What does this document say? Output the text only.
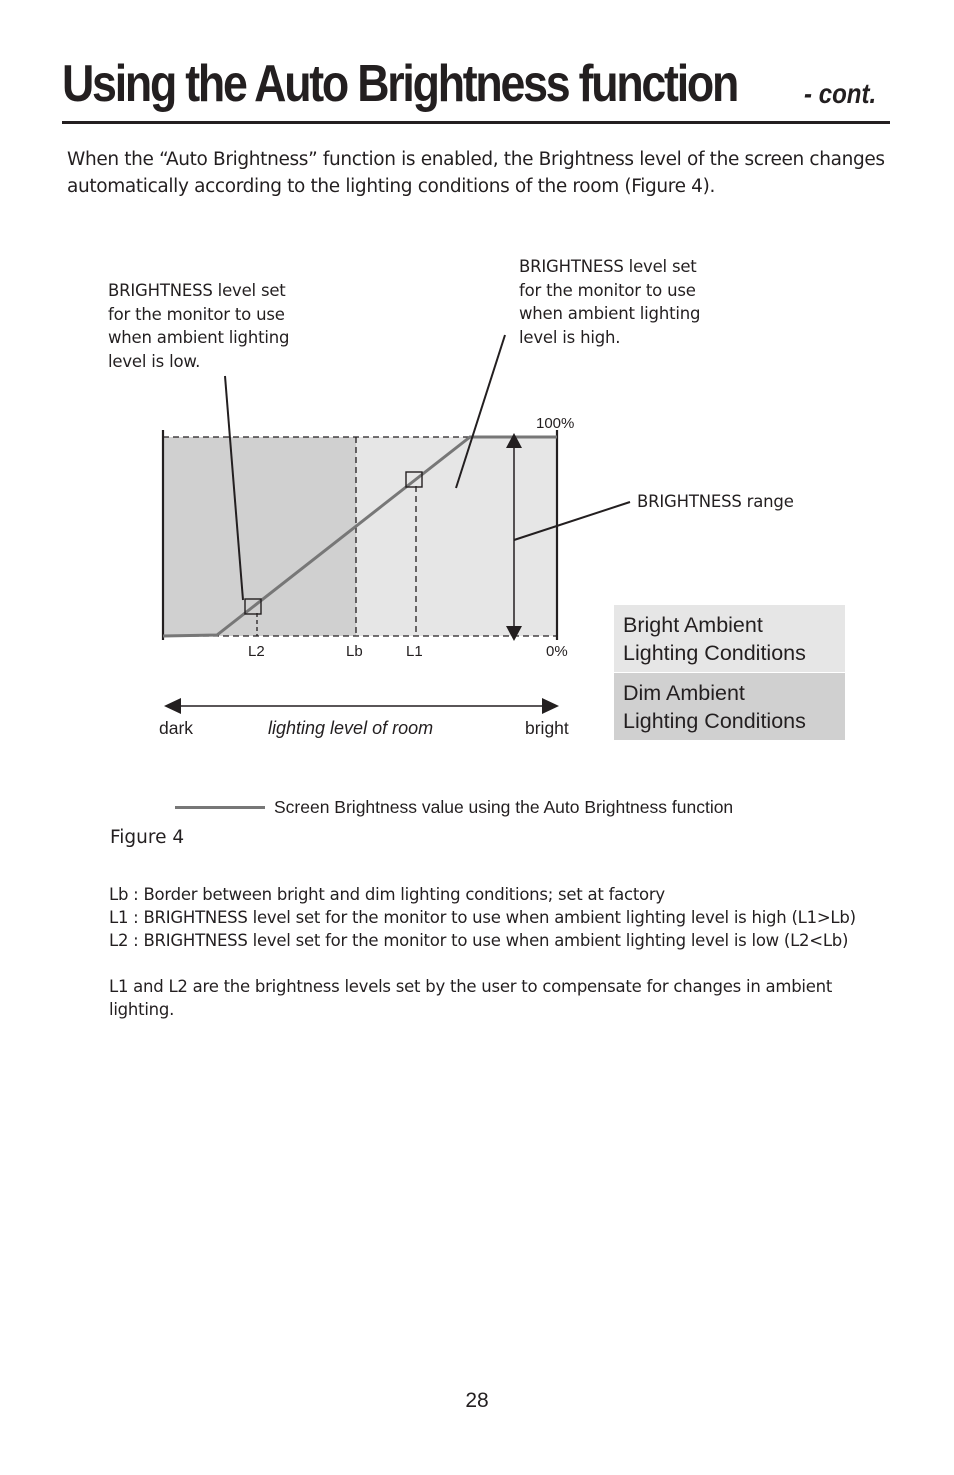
Using the Auto Brightness function - cont.
When the “Auto Brightness” function is enabled, the Brightness level of the screen changes automatically according to the lighting conditions of the room (Figure 4).
BRIGHTNESS level set
for the monitor to use
when ambient lighting
level is low.
BRIGHTNESS level set
for the monitor to use
when ambient lighting
level is high.
BRIGHTNESS range
100%
0%
L2	Lb	L1
dark	lighting level of room	bright
Bright Ambient
Lighting Conditions
Dim Ambient
Lighting Conditions
Screen Brightness value using the Auto Brightness function
Figure 4
Lb : Border between bright and dim lighting conditions; set at factory
L1 : BRIGHTNESS level set for the monitor to use when ambient lighting level is high (L1>Lb)
L2 : BRIGHTNESS level set for the monitor to use when ambient lighting level is low (L2<Lb)
L1 and L2 are the brightness levels set by the user to compensate for changes in ambient lighting.
28
